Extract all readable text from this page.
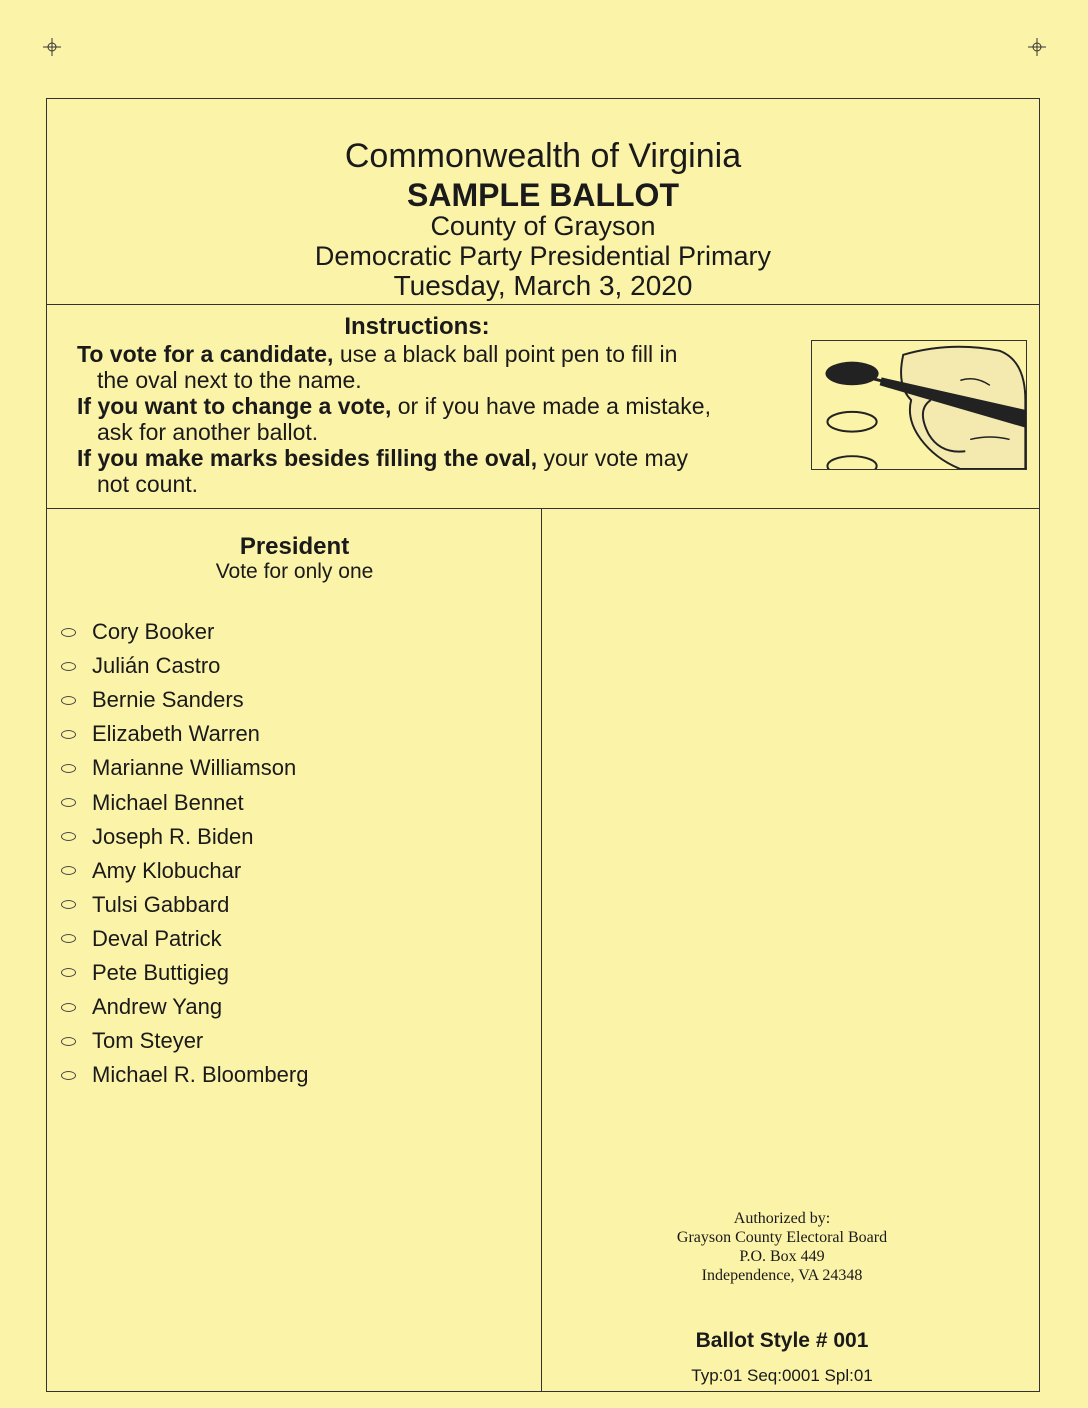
Commonwealth of Virginia
SAMPLE BALLOT
County of Grayson
Democratic Party Presidential Primary
Tuesday, March 3, 2020
Instructions:
To vote for a candidate, use a black ball point pen to fill in
the oval next to the name.
If you want to change a vote, or if you have made a mistake,
ask for another ballot.
If you make marks besides filling the oval, your vote may
not count.
President
Vote for only one
Cory Booker
Julián Castro
Bernie Sanders
Elizabeth Warren
Marianne Williamson
Michael Bennet
Joseph R. Biden
Amy Klobuchar
Tulsi Gabbard
Deval Patrick
Pete Buttigieg
Andrew Yang
Tom Steyer
Michael R. Bloomberg
Authorized by:
Grayson County Electoral Board
P.O. Box 449
Independence, VA 24348
Ballot Style # 001
Typ:01 Seq:0001 Spl:01
